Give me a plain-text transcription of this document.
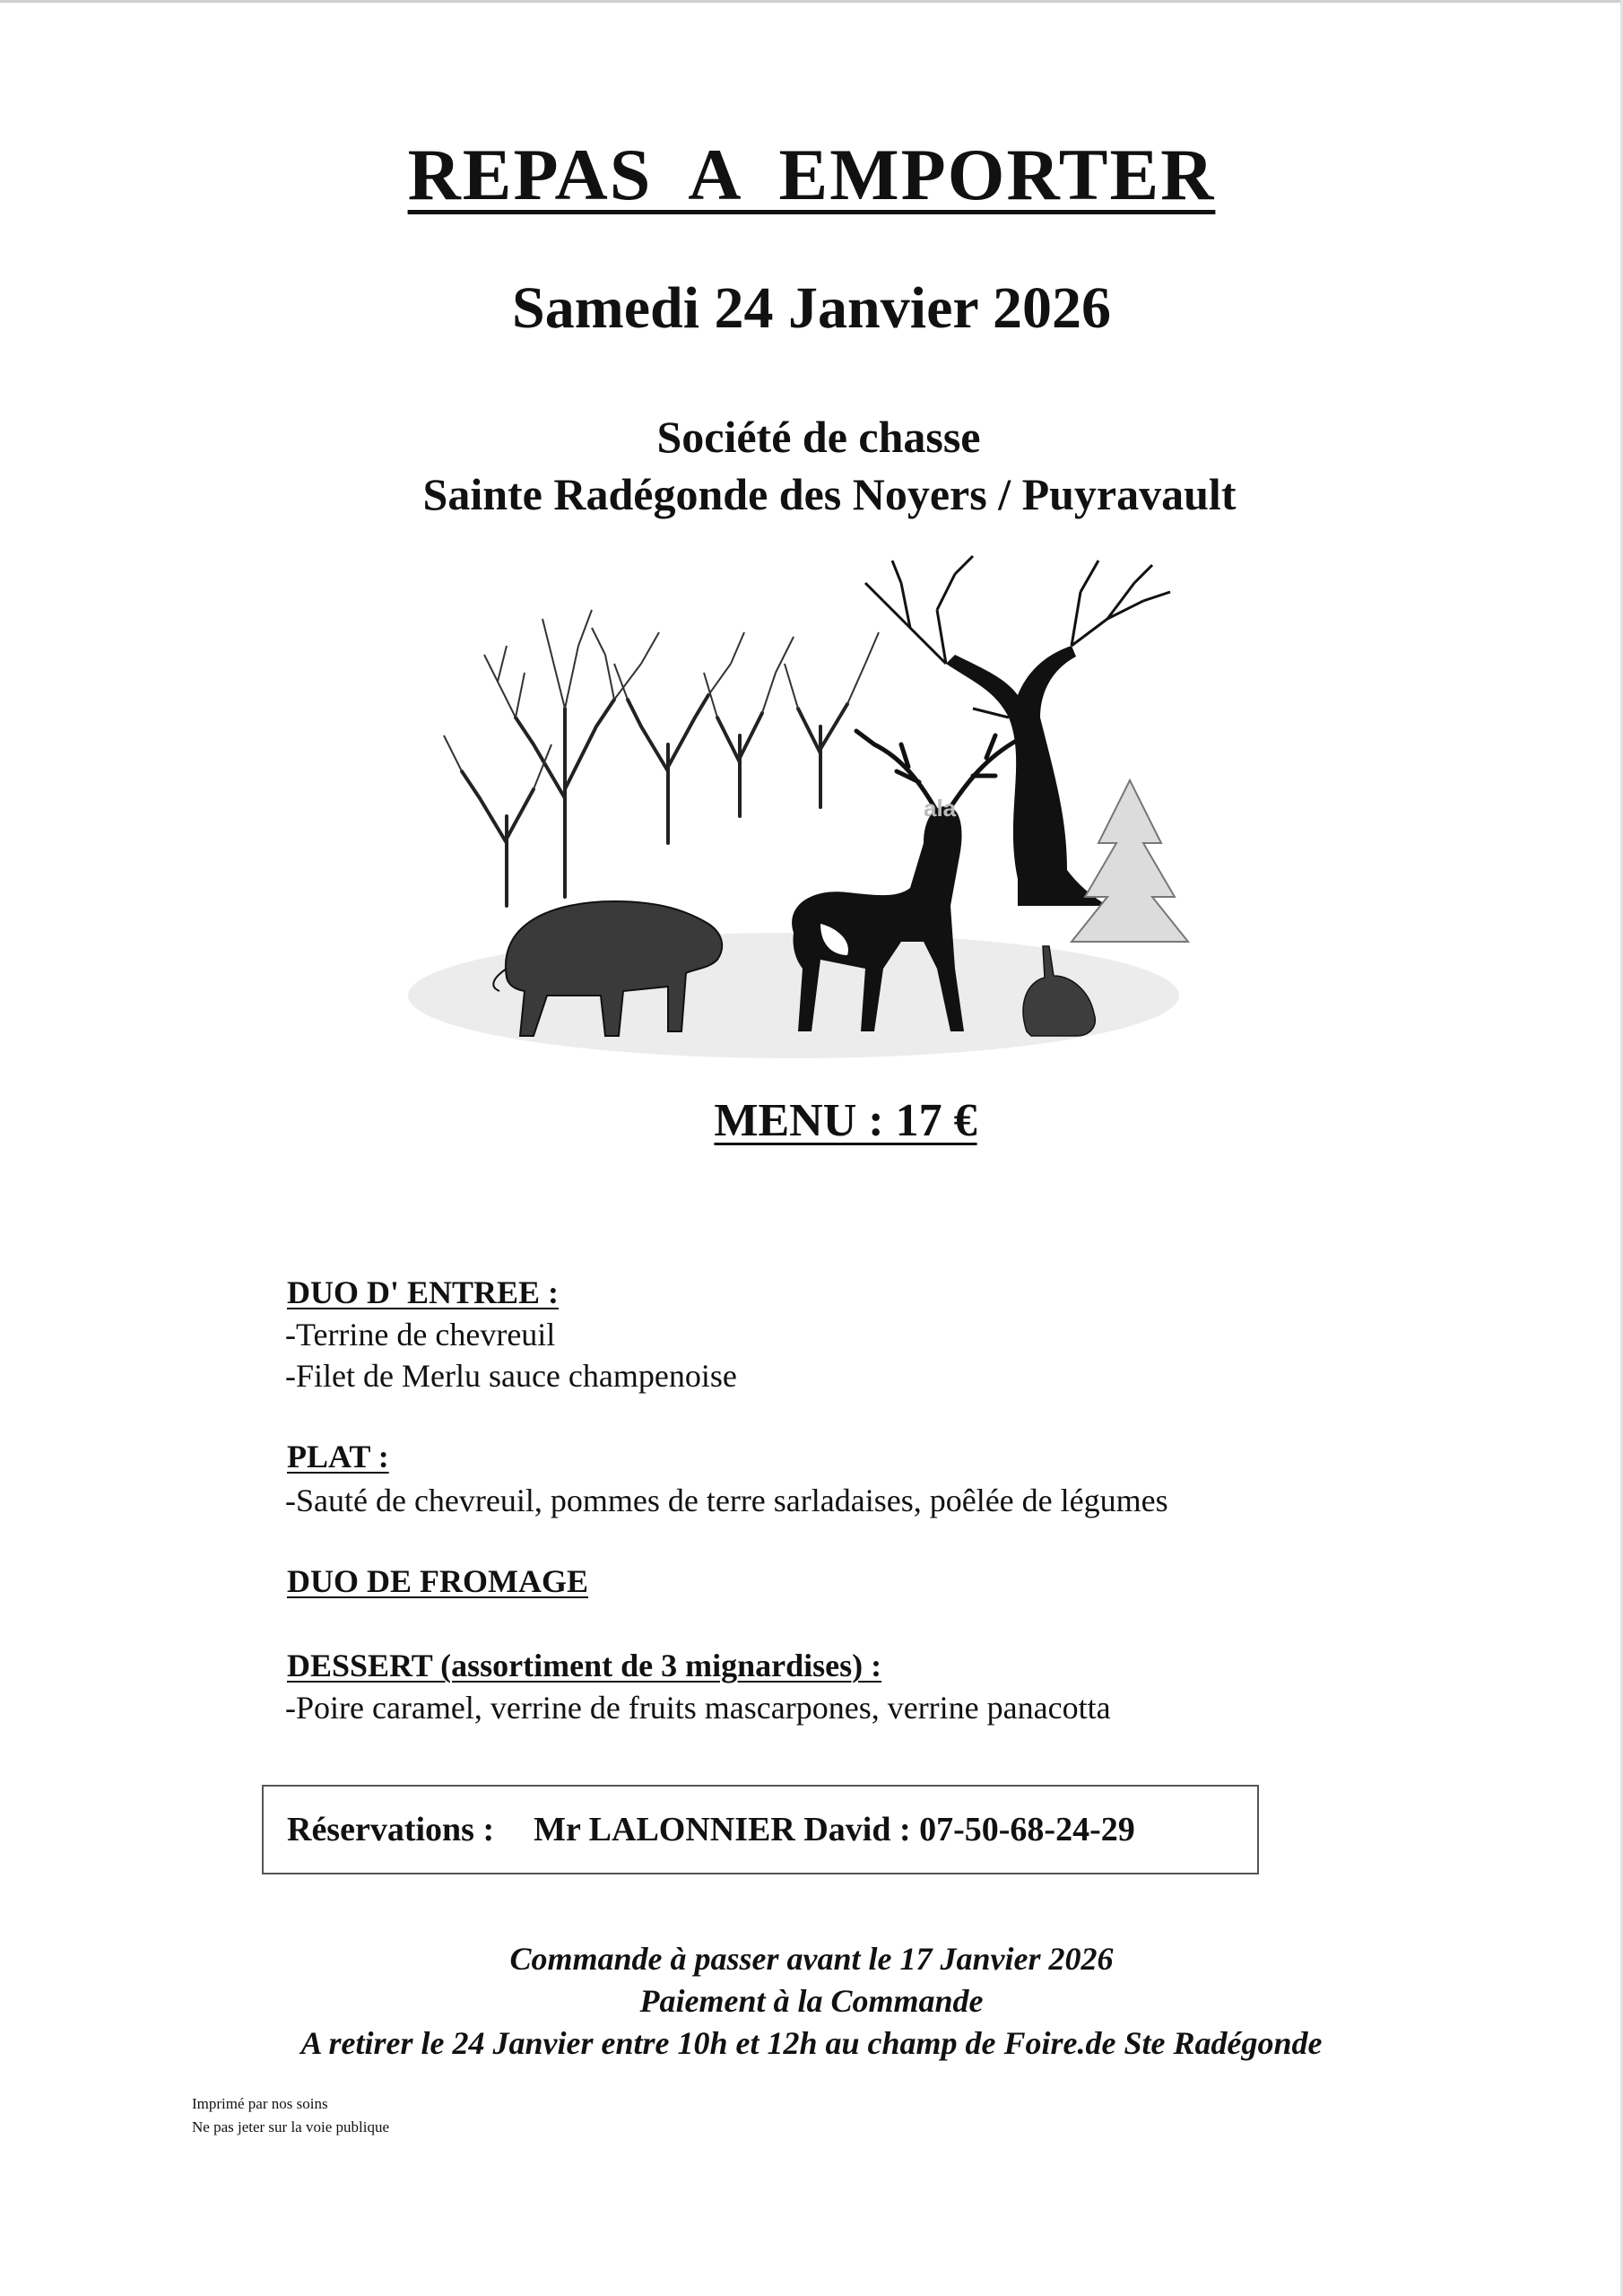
REPAS A EMPORTER
Samedi 24 Janvier 2026
Société de chasse
Sainte Radégonde des Noyers / Puyravault
ala
MENU : 17 €
DUO D' ENTREE :
-Terrine de chevreuil
-Filet de Merlu sauce champenoise
PLAT :
-Sauté de chevreuil, pommes de terre sarladaises, poêlée de légumes
DUO DE FROMAGE
DESSERT (assortiment de 3 mignardises) :
-Poire caramel, verrine de fruits mascarpones, verrine panacotta
Réservations : Mr LALONNIER David : 07-50-68-24-29
Commande à passer avant le 17 Janvier 2026
Paiement à la Commande
A retirer le 24 Janvier entre 10h et 12h au champ de Foire.de Ste Radégonde
Imprimé par nos soins
Ne pas jeter sur la voie publique
